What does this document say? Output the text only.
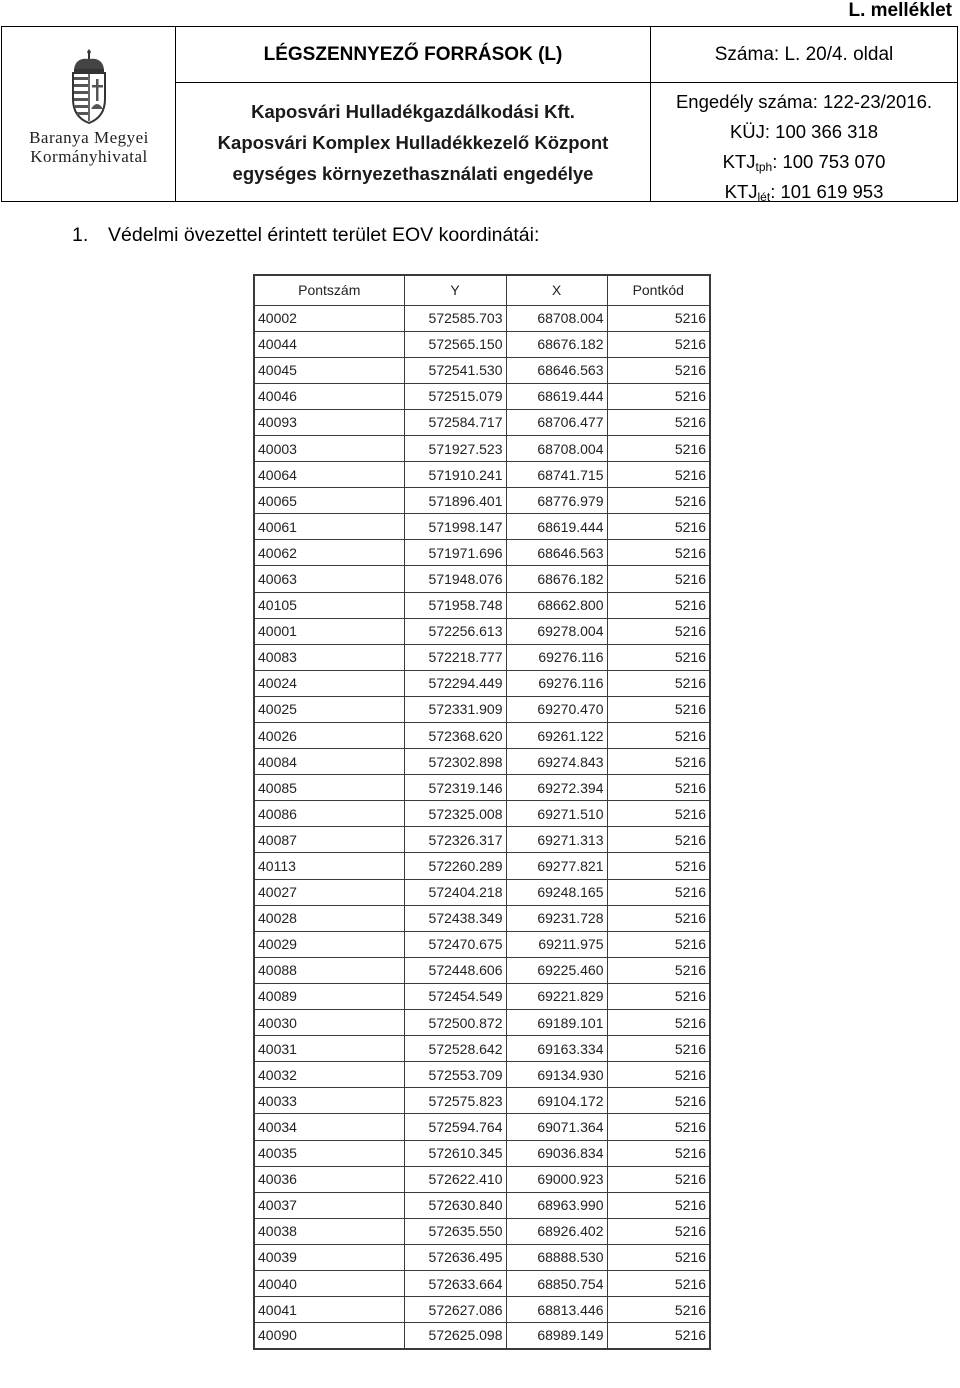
L. melléklet
Baranya Megyei
Kormányhivatal
LÉGSZENNYEZŐ FORRÁSOK (L)
Kaposvári Hulladékgazdálkodási Kft.
Kaposvári Komplex Hulladékkezelő Központ
egységes környezethasználati engedélye
Száma: L. 20/4. oldal
Engedély száma: 122-23/2016.
KÜJ: 100 366 318
$KTJ_{tph}$: 100 753 070
$KTJ_{lét}$: 101 619 953
1. Védelmi övezettel érintett terület EOV koordinátái:
Pontszám	Y	X	Pontkód
40002	572585.703	68708.004	5216
40044	572565.150	68676.182	5216
40045	572541.530	68646.563	5216
40046	572515.079	68619.444	5216
40093	572584.717	68706.477	5216
40003	571927.523	68708.004	5216
40064	571910.241	68741.715	5216
40065	571896.401	68776.979	5216
40061	571998.147	68619.444	5216
40062	571971.696	68646.563	5216
40063	571948.076	68676.182	5216
40105	571958.748	68662.800	5216
40001	572256.613	69278.004	5216
40083	572218.777	69276.116	5216
40024	572294.449	69276.116	5216
40025	572331.909	69270.470	5216
40026	572368.620	69261.122	5216
40084	572302.898	69274.843	5216
40085	572319.146	69272.394	5216
40086	572325.008	69271.510	5216
40087	572326.317	69271.313	5216
40113	572260.289	69277.821	5216
40027	572404.218	69248.165	5216
40028	572438.349	69231.728	5216
40029	572470.675	69211.975	5216
40088	572448.606	69225.460	5216
40089	572454.549	69221.829	5216
40030	572500.872	69189.101	5216
40031	572528.642	69163.334	5216
40032	572553.709	69134.930	5216
40033	572575.823	69104.172	5216
40034	572594.764	69071.364	5216
40035	572610.345	69036.834	5216
40036	572622.410	69000.923	5216
40037	572630.840	68963.990	5216
40038	572635.550	68926.402	5216
40039	572636.495	68888.530	5216
40040	572633.664	68850.754	5216
40041	572627.086	68813.446	5216
40090	572625.098	68989.149	5216
